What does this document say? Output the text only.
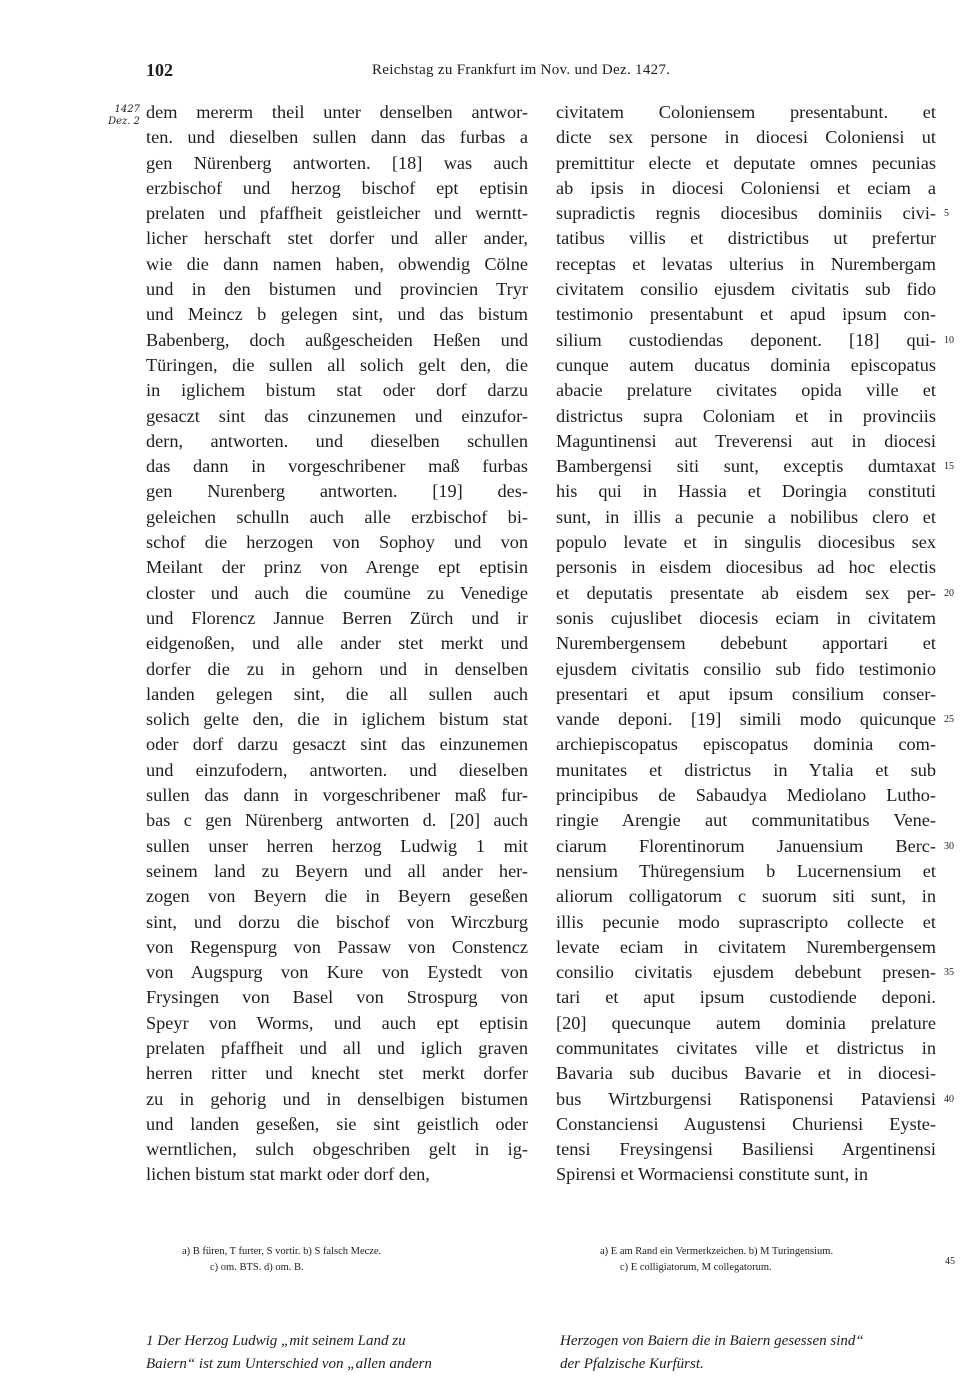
102	Reichstag zu Frankfurt im Nov. und Dez. 1427.
1427
Dez. 2 dem mererm theil unter denselben antwor-
ten. und dieselben sullen dann das furbas a
gen Nürenberg antworten. [18] was auch
erzbischof und herzog bischof ept eptisin
prelaten und pfaffheit geistleicher und werntt-
licher herschaft stet dorfer und aller ander,
wie die dann namen haben, obwendig Cölne
und in den bistumen und provincien Tryr
und Meincz b gelegen sint, und das bistum
Babenberg, doch außgescheiden Heßen und
Türingen, die sullen all solich gelt den, die
in iglichem bistum stat oder dorf darzu
gesaczt sint das cinzunemen und einzufor-
dern, antworten. und dieselben schullen
das dann in vorgeschribener maß furbas
gen Nurenberg antworten. [19] des-
geleichen schulln auch alle erzbischof bi-
schof die herzogen von Sophoy und von
Meilant der prinz von Arenge ept eptisin
closter und auch die coumüne zu Venedige
und Florencz Jannue Berren Zürch und ir
eidgenoßen, und alle ander stet merkt und
dorfer die zu in gehorn und in denselben
landen gelegen sint, die all sullen auch
solich gelte den, die in iglichem bistum stat
oder dorf darzu gesaczt sint das einzunemen
und einzufodern, antworten. und dieselben
sullen das dann in vorgeschribener maß fur-
bas c gen Nürenberg antworten d. [20] auch
sullen unser herren herzog Ludwig 1 mit
seinem land zu Beyern und all ander her-
zogen von Beyern die in Beyern geseßen
sint, und dorzu die bischof von Wirczburg
von Regenspurg von Passaw von Constencz
von Augspurg von Kure von Eystedt von
Frysingen von Basel von Strospurg von
Speyr von Worms, und auch ept eptisin
prelaten pfaffheit und all und iglich graven
herren ritter und knecht stet merkt dorfer
zu in gehorig und in denselbigen bistumen
und landen geseßen, sie sint geistlich oder
werntlichen, sulch obgeschriben gelt in ig-
lichen bistum stat markt oder dorf den,
civitatem Coloniensem presentabunt. et
dicte sex persone in diocesi Coloniensi ut
premittitur electe et deputate omnes pecunias
ab ipsis in diocesi Coloniensi et eciam a
supradictis regnis diocesibus dominiis civi-
tatibus villis et districtibus ut prefertur
receptas et levatas ulterius in Nurembergam
civitatem consilio ejusdem civitatis sub fido
testimonio presentabunt et apud ipsum con-
silium custodiendas deponent. [18] qui-
cunque autem ducatus dominia episcopatus
abacie prelature civitates opida ville et
districtus supra Coloniam et in provinciis
Maguntinensi aut Treverensi aut in diocesi
Bambergensi siti sunt, exceptis dumtaxat
his qui in Hassia et Doringia constituti
sunt, in illis a pecunie a nobilibus clero et
populo levate et in singulis diocesibus sex
personis in eisdem diocesibus ad hoc electis
et deputatis presentate ab eisdem sex per-
sonis cujuslibet diocesis eciam in civitatem
Nurembergensem debebunt apportari et
ejusdem civitatis consilio sub fido testimonio
presentari et aput ipsum consilium conser-
vande deponi. [19] simili modo quicunque
archiepiscopatus episcopatus dominia com-
munitates et districtus in Ytalia et sub
principibus de Sabaudya Mediolano Lutho-
ringie Arengie aut communitatibus Vene-
ciarum Florentinorum Januensium Berc-
nensium Thüregensium b Lucernensium et
aliorum colligatorum c suorum siti sunt, in
illis pecunie modo suprascripto collecte et
levate eciam in civitatem Nurembergensem
consilio civitatis ejusdem debebunt presen-
tari et aput ipsum custodiende deponi.
[20] quecunque autem dominia prelature
communitates civitates ville et districtus in
Bavaria sub ducibus Bavarie et in diocesi-
bus Wirtzburgensi Ratisponensi Pataviensi
Constanciensi Augustensi Churiensi Eyste-
tensi Freysingensi Basiliensi Argentinensi
Spirensi et Wormaciensi constitute sunt, in
5
10
15
20
25
30
35
40
a) B füren, T furter, S vortir. b) S falsch Mecze.
c) om. BTS. d) om. B.
a) E am Rand ein Vermerkzeichen. b) M Turingensium.
c) E colligiatorum, M collegatorum.
45
1 Der Herzog Ludwig „mit seinem Land zu
Baiern“ ist zum Unterschied von „allen andern
Herzogen von Baiern die in Baiern gesessen sind“
der Pfalzische Kurfürst.
